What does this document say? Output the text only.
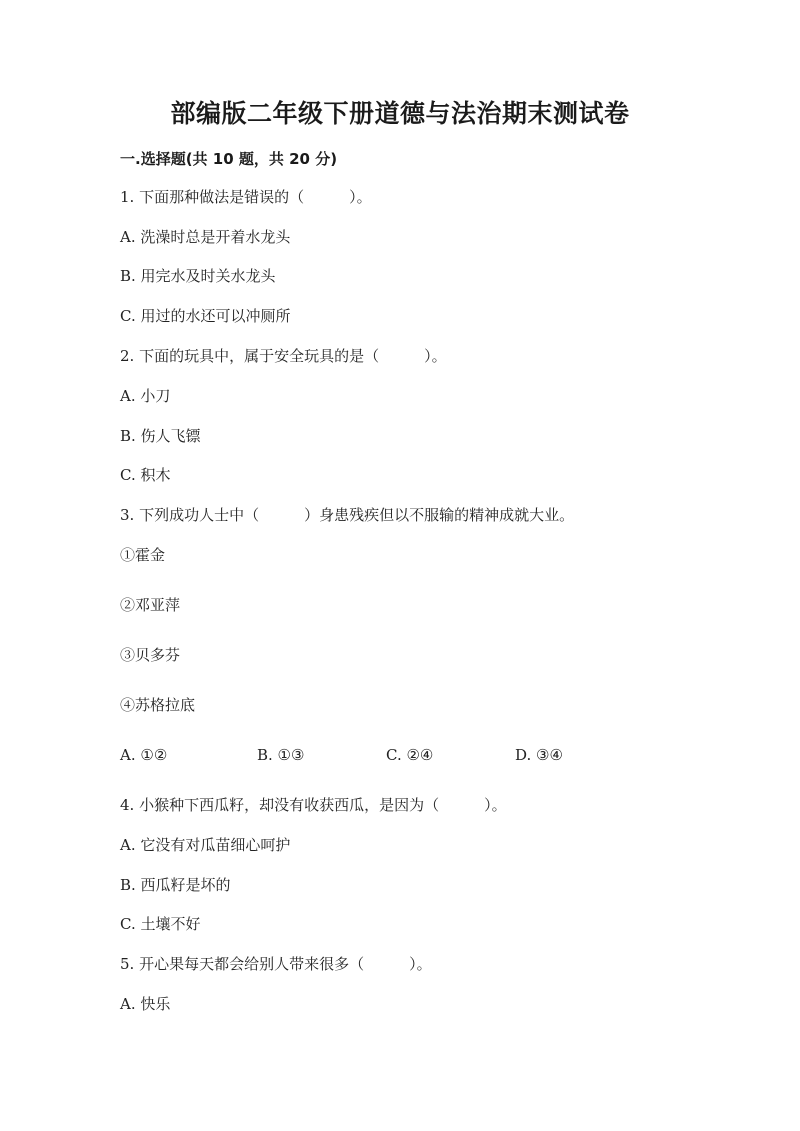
部编版二年级下册道德与法治期末测试卷
一.选择题(共 10 题，共 20 分)
1. 下面那种做法是错误的（　　　）。
A. 洗澡时总是开着水龙头
B. 用完水及时关水龙头
C. 用过的水还可以冲厕所
2. 下面的玩具中，属于安全玩具的是（　　　）。
A. 小刀
B. 伤人飞镖
C. 积木
3. 下列成功人士中（　　　）身患残疾但以不服输的精神成就大业。
①霍金
②邓亚萍
③贝多芬
④苏格拉底
A. ①②	B. ①③	C. ②④	D. ③④
4. 小猴种下西瓜籽，却没有收获西瓜，是因为（　　　）。
A. 它没有对瓜苗细心呵护
B. 西瓜籽是坏的
C. 土壤不好
5. 开心果每天都会给别人带来很多（　　　）。
A. 快乐
